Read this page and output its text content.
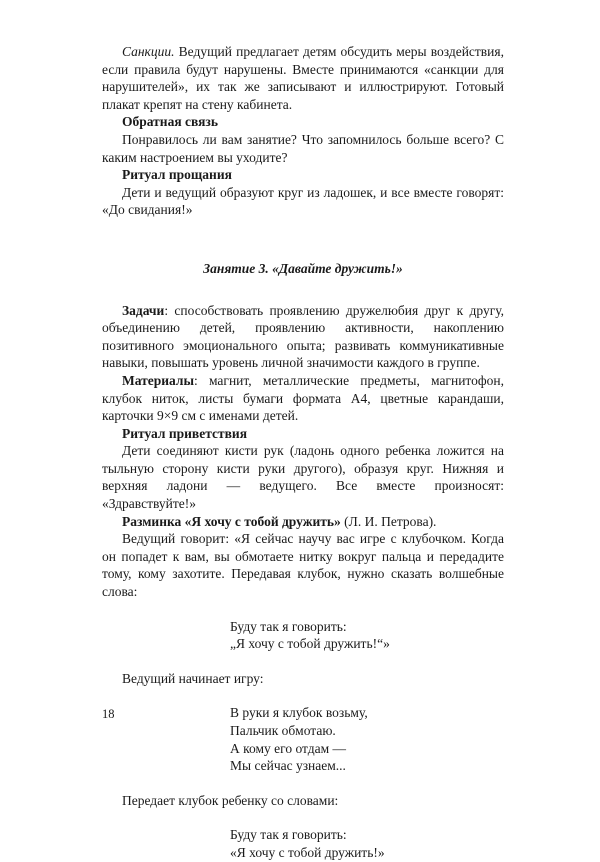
Санкции. Ведущий предлагает детям обсудить меры воздействия, если правила будут нарушены. Вместе принимаются «санкции для нарушителей», их так же записывают и иллюстрируют. Готовый плакат крепят на стену кабинета.

Обратная связь

Понравилось ли вам занятие? Что запомнилось больше всего? С каким настроением вы уходите?

Ритуал прощания

Дети и ведущий образуют круг из ладошек, и все вместе говорят: «До свидания!»

Занятие 3. «Давайте дружить!»

Задачи: способствовать проявлению дружелюбия друг к другу, объединению детей, проявлению активности, накоплению позитивного эмоционального опыта; развивать коммуникативные навыки, повышать уровень личной значимости каждого в группе.

Материалы: магнит, металлические предметы, магнитофон, клубок ниток, листы бумаги формата А4, цветные карандаши, карточки 9×9 см с именами детей.

Ритуал приветствия

Дети соединяют кисти рук (ладонь одного ребенка ложится на тыльную сторону кисти руки другого), образуя круг. Нижняя и верхняя ладони — ведущего. Все вместе произносят: «Здравствуйте!»

Разминка «Я хочу с тобой дружить» (Л. И. Петрова).

Ведущий говорит: «Я сейчас научу вас игре с клубочком. Когда он попадет к вам, вы обмотаете нитку вокруг пальца и передадите тому, кому захотите. Передавая клубок, нужно сказать волшебные слова:

Буду так я говорить:

„Я хочу с тобой дружить!“»

Ведущий начинает игру:

В руки я клубок возьму,

Пальчик обмотаю.

А кому его отдам —

Мы сейчас узнаем...

Передает клубок ребенку со словами:

Буду так я говорить:

«Я хочу с тобой дружить!»

18
